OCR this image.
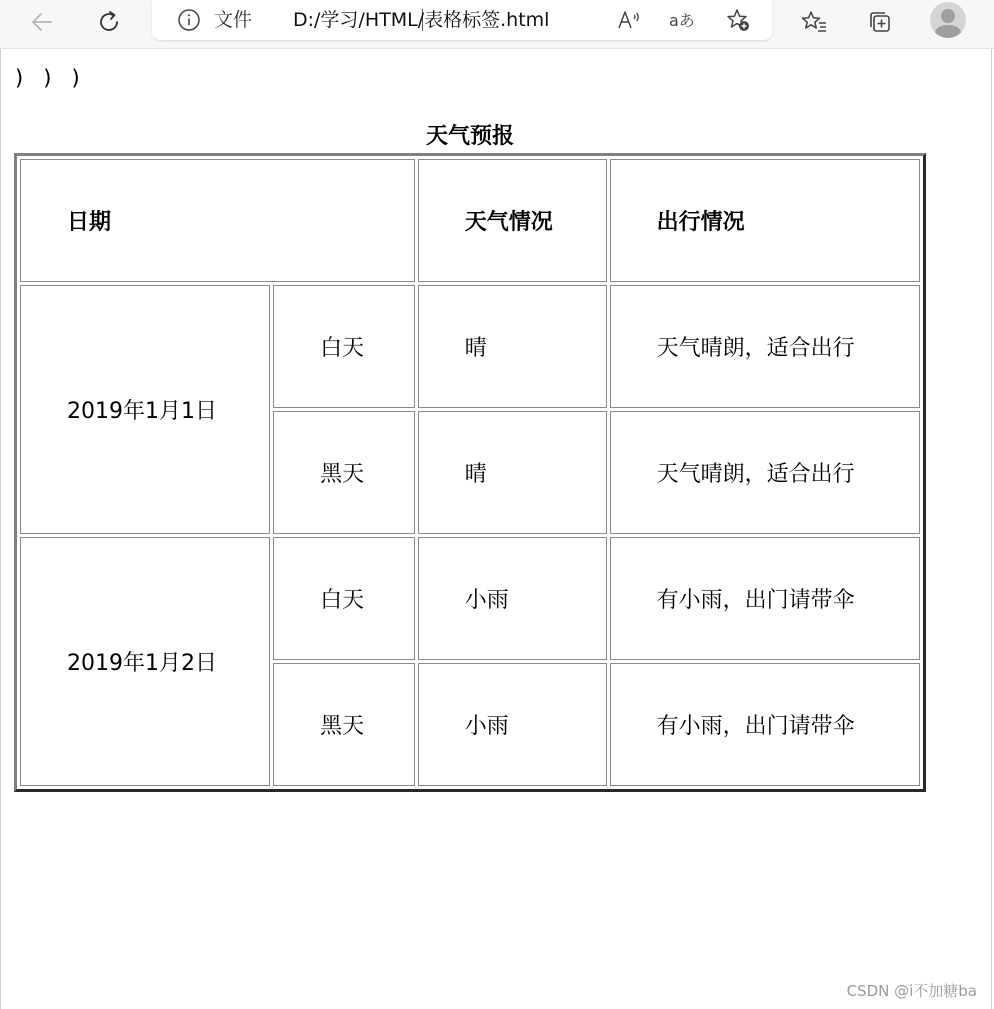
文件 D:/学习/HTML/表格标签.html	aあ
)   )   )
天气预报
日期		天气情况	出行情况
2019年1月1日	白天	晴	天气晴朗，适合出行
	黑天	晴	天气晴朗，适合出行
2019年1月2日	白天	小雨	有小雨，出门请带伞
	黑天	小雨	有小雨，出门请带伞
CSDN @i不加糖ba
